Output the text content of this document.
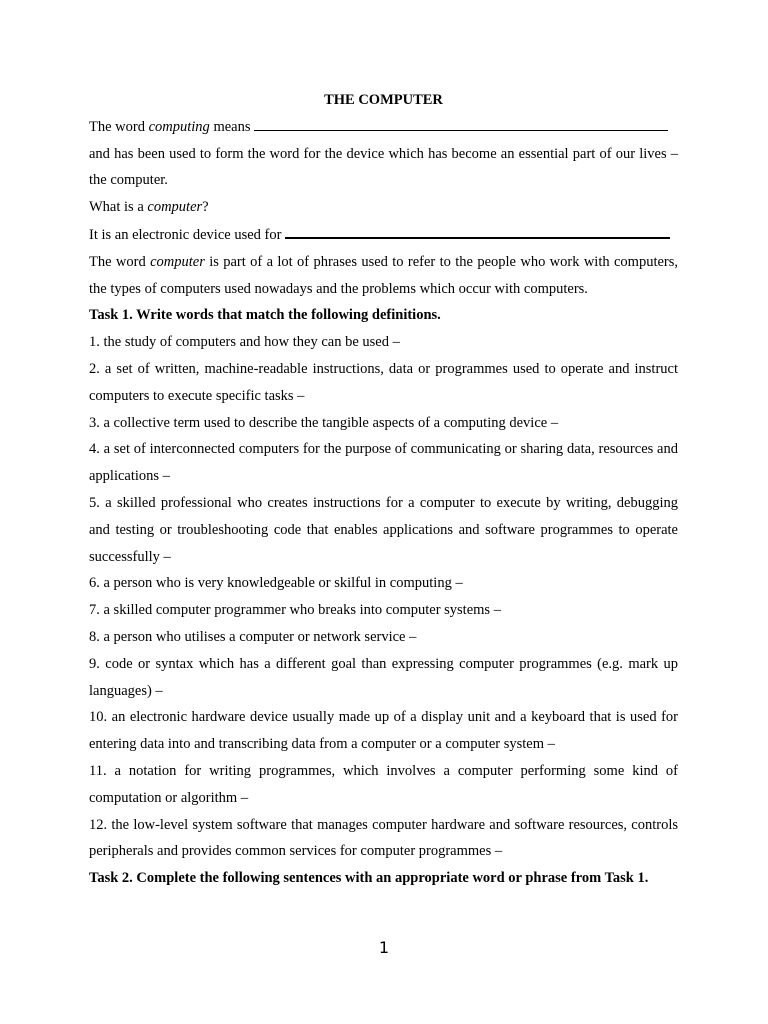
THE COMPUTER

The word computing means

and has been used to form the word for the device which has become an essential part of our lives – the computer.

What is a computer?

It is an electronic device used for

The word computer is part of a lot of phrases used to refer to the people who work with computers, the types of computers used nowadays and the problems which occur with computers.

Task 1. Write words that match the following definitions.

1. the study of computers and how they can be used –

2. a set of written, machine-readable instructions, data or programmes used to operate and instruct computers to execute specific tasks –

3. a collective term used to describe the tangible aspects of a computing device –

4. a set of interconnected computers for the purpose of communicating or sharing data, resources and applications –

5. a skilled professional who creates instructions for a computer to execute by writing, debugging and testing or troubleshooting code that enables applications and software programmes to operate successfully –

6. a person who is very knowledgeable or skilful in computing –

7. a skilled computer programmer who breaks into computer systems –

8. a person who utilises a computer or network service –

9. code or syntax which has a different goal than expressing computer programmes (e.g. mark up languages) –

10. an electronic hardware device usually made up of a display unit and a keyboard that is used for entering data into and transcribing data from a computer or a computer system –

11. a notation for writing programmes, which involves a computer performing some kind of computation or algorithm –

12. the low-level system software that manages computer hardware and software resources, controls peripherals and provides common services for computer programmes –

Task 2. Complete the following sentences with an appropriate word or phrase from Task 1.

1
